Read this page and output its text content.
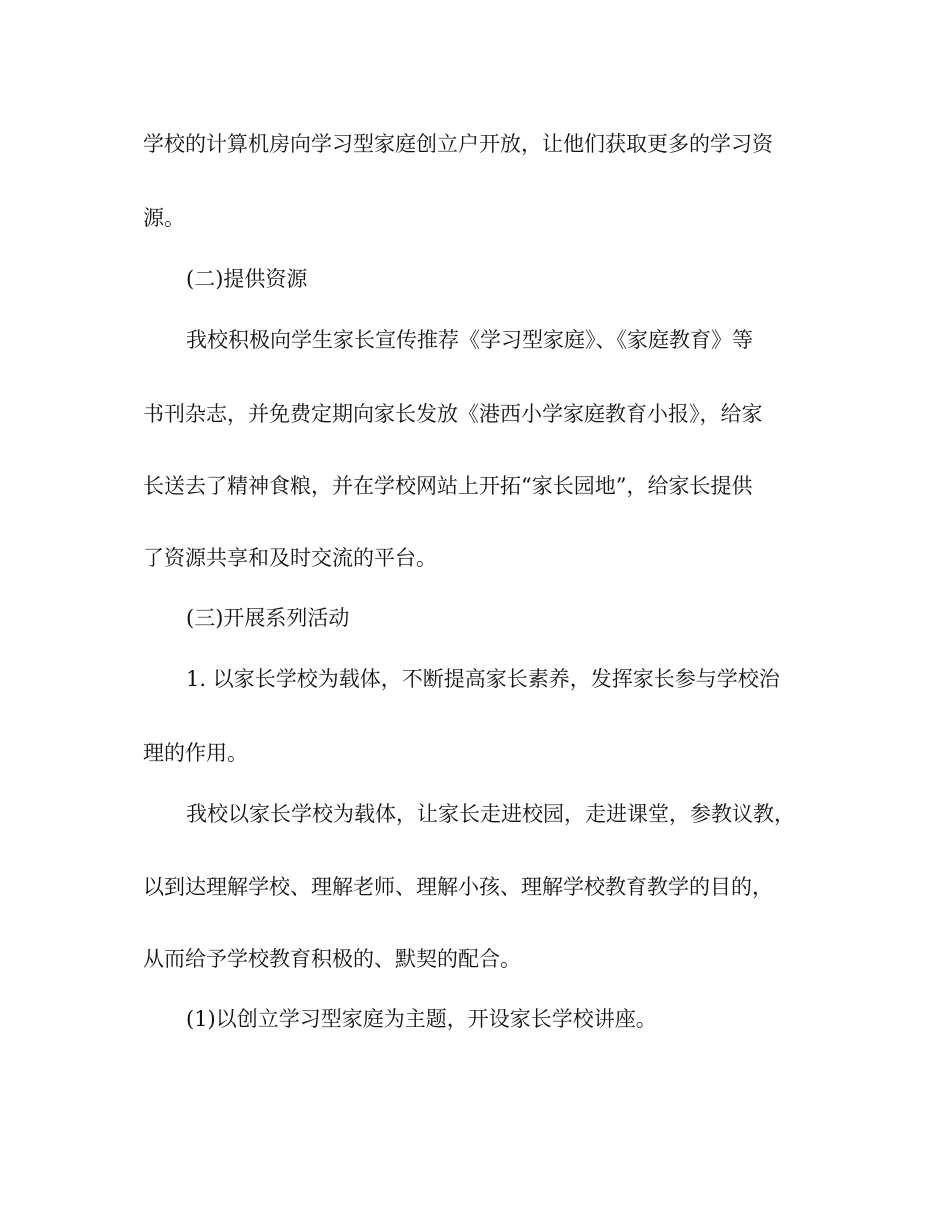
学校的计算机房向学习型家庭创立户开放，让他们获取更多的学习资

源。

(二)提供资源

我校积极向学生家长宣传推荐《学习型家庭》、《家庭教育》等

书刊杂志，并免费定期向家长发放《港西小学家庭教育小报》，给家

长送去了精神食粮，并在学校网站上开拓“家长园地”，给家长提供

了资源共享和及时交流的平台。

(三)开展系列活动

1. 以家长学校为载体，不断提高家长素养，发挥家长参与学校治

理的作用。

我校以家长学校为载体，让家长走进校园，走进课堂，参教议教，

以到达理解学校、理解老师、理解小孩、理解学校教育教学的目的，

从而给予学校教育积极的、默契的配合。

(1)以创立学习型家庭为主题，开设家长学校讲座。
